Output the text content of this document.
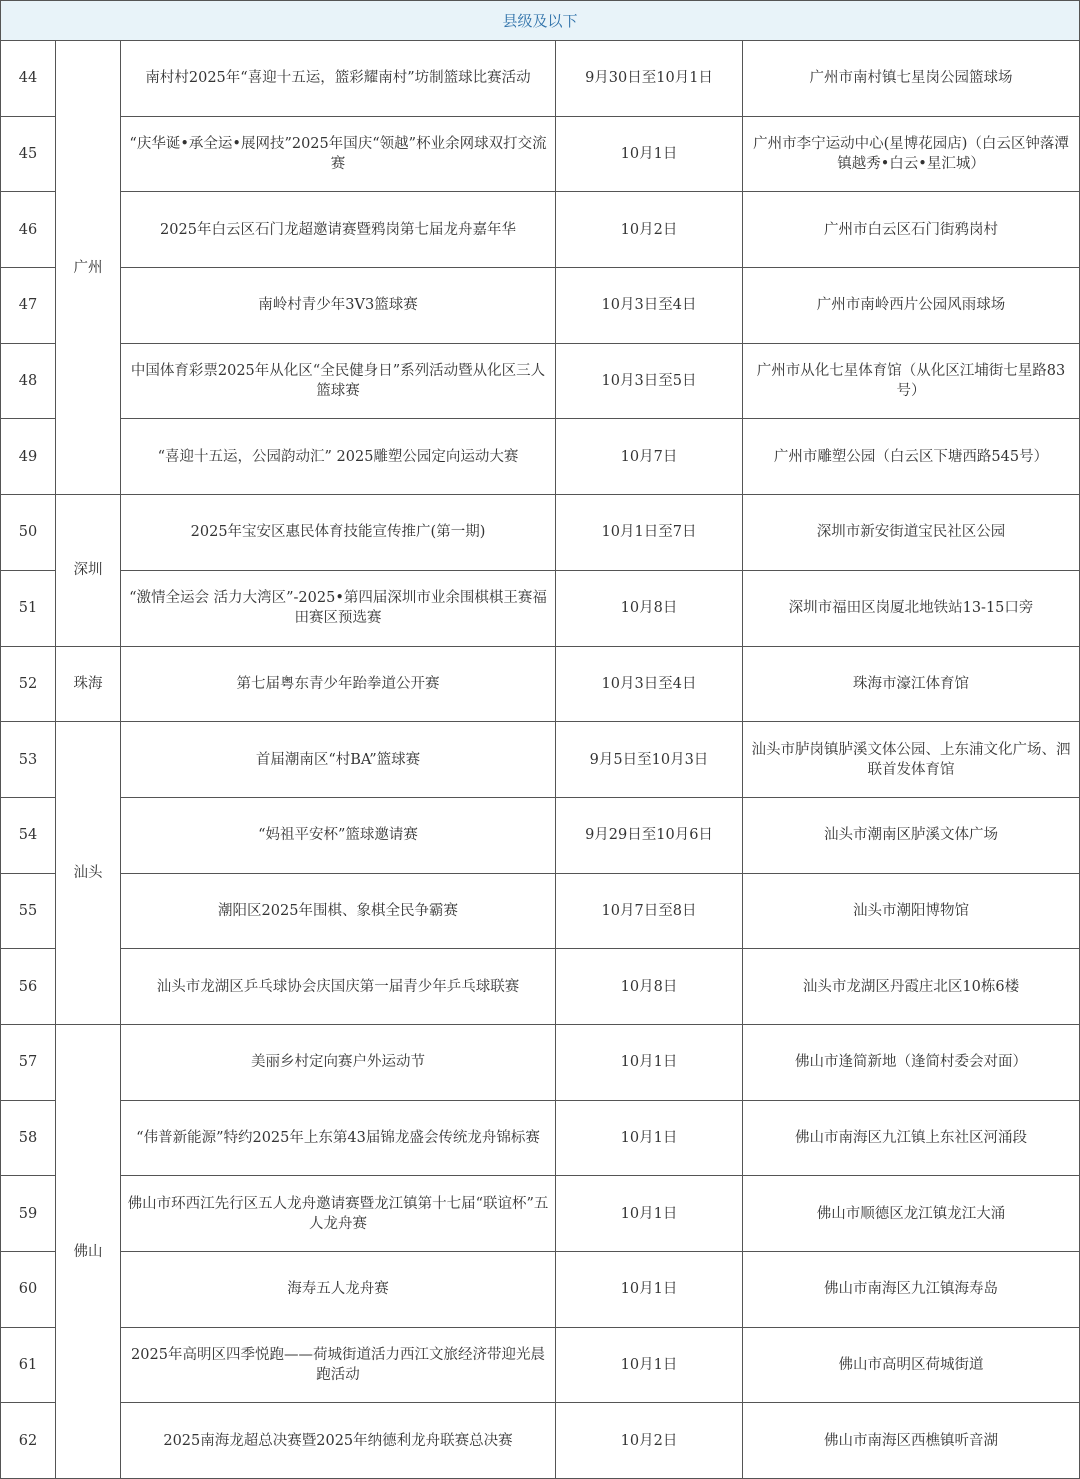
县级及以下				
44	广州	南村村2025年“喜迎十五运，篮彩耀南村”坊制篮球比赛活动	9月30日至10月1日	广州市南村镇七星岗公园篮球场
45		“庆华诞•承全运•展网技”2025年国庆“领越”杯业余网球双打交流赛	10月1日	广州市李宁运动中心(星博花园店)（白云区钟落潭镇越秀•白云•星汇城）
46		2025年白云区石门龙超邀请赛暨鸦岗第七届龙舟嘉年华	10月2日	广州市白云区石门街鸦岗村
47		南岭村青少年3V3篮球赛	10月3日至4日	广州市南岭西片公园风雨球场
48		中国体育彩票2025年从化区“全民健身日”系列活动暨从化区三人篮球赛	10月3日至5日	广州市从化七星体育馆（从化区江埔街七星路83号）
49		“喜迎十五运，公园韵动汇” 2025雕塑公园定向运动大赛	10月7日	广州市雕塑公园（白云区下塘西路545号）
50	深圳	2025年宝安区惠民体育技能宣传推广(第一期)	10月1日至7日	深圳市新安街道宝民社区公园
51		“激情全运会 活力大湾区”-2025•第四届深圳市业余围棋棋王赛福田赛区预选赛	10月8日	深圳市福田区岗厦北地铁站13-15口旁
52	珠海	第七届粤东青少年跆拳道公开赛	10月3日至4日	珠海市濠江体育馆
53	汕头	首届潮南区“村BA”篮球赛	9月5日至10月3日	汕头市胪岗镇胪溪文体公园、上东浦文化广场、泗联首发体育馆
54		“妈祖平安杯”篮球邀请赛	9月29日至10月6日	汕头市潮南区胪溪文体广场
55		潮阳区2025年围棋、象棋全民争霸赛	10月7日至8日	汕头市潮阳博物馆
56		汕头市龙湖区乒乓球协会庆国庆第一届青少年乒乓球联赛	10月8日	汕头市龙湖区丹霞庄北区10栋6楼
57	佛山	美丽乡村定向赛户外运动节	10月1日	佛山市逢简新地（逢简村委会对面）
58		“伟普新能源”特约2025年上东第43届锦龙盛会传统龙舟锦标赛	10月1日	佛山市南海区九江镇上东社区河涌段
59		佛山市环西江先行区五人龙舟邀请赛暨龙江镇第十七届“联谊杯”五人龙舟赛	10月1日	佛山市顺德区龙江镇龙江大涌
60		海寿五人龙舟赛	10月1日	佛山市南海区九江镇海寿岛
61		2025年高明区四季悦跑——荷城街道活力西江文旅经济带迎光晨跑活动	10月1日	佛山市高明区荷城街道
62		2025南海龙超总决赛暨2025年纳德利龙舟联赛总决赛	10月2日	佛山市南海区西樵镇听音湖
